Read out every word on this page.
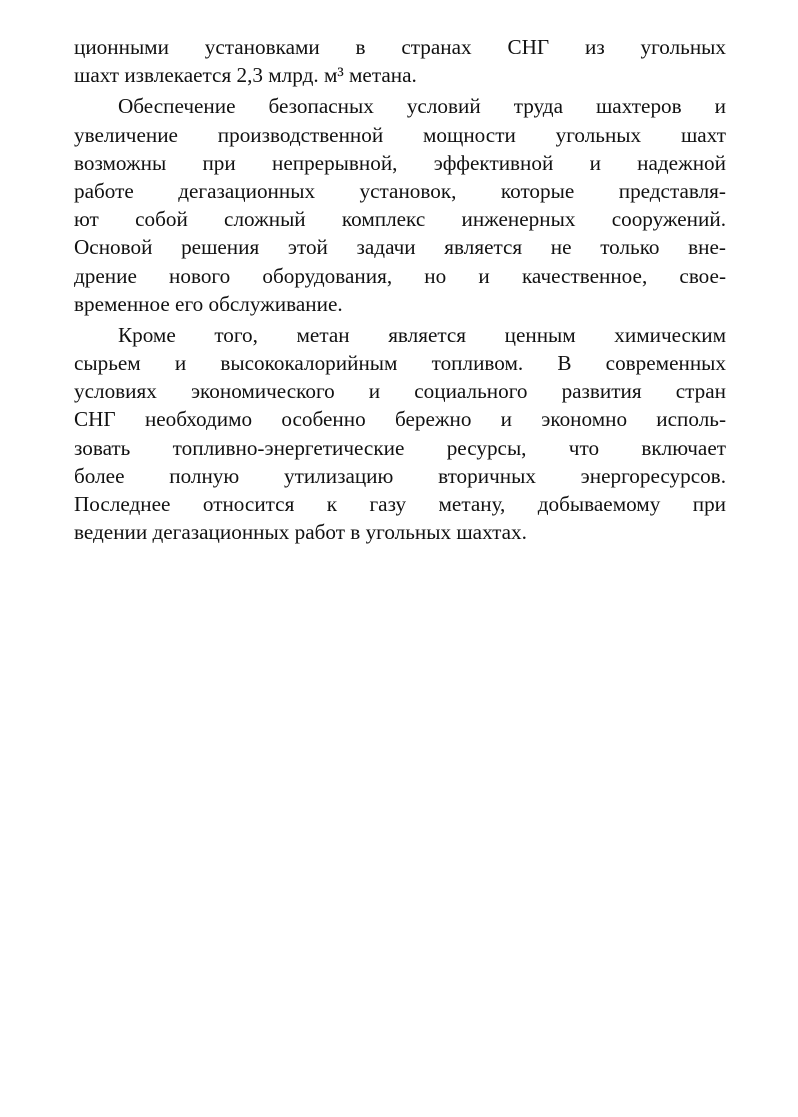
ционными установками в странах СНГ из угольных
шахт извлекается 2,3 млрд. м³ метана.
Обеспечение безопасных условий труда шахтеров и
увеличение производственной мощности угольных шахт
возможны при непрерывной, эффективной и надежной
работе дегазационных установок, которые представля-
ют собой сложный комплекс инженерных сооружений.
Основой решения этой задачи является не только вне-
дрение нового оборудования, но и качественное, свое-
временное его обслуживание.
Кроме того, метан является ценным химическим
сырьем и высококалорийным топливом. В современных
условиях экономического и социального развития стран
СНГ необходимо особенно бережно и экономно исполь-
зовать топливно-энергетические ресурсы, что включает
более полную утилизацию вторичных энергоресурсов.
Последнее относится к газу метану, добываемому при
ведении дегазационных работ в угольных шахтах.
